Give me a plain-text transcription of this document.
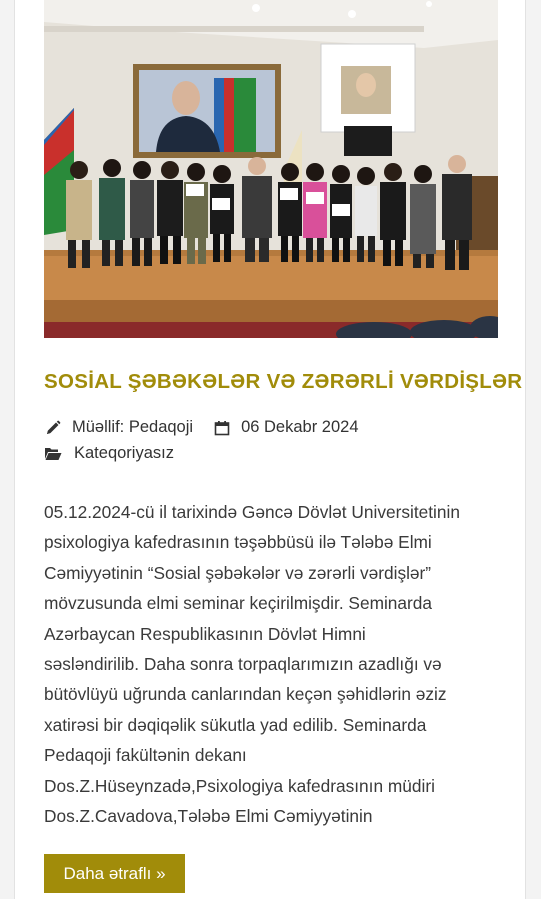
SOSİAL ŞƏBƏKƏLƏR VƏ ZƏRƏRLİ VƏRDİŞLƏR
Müəllif: Pedaqoji	06 Dekabr 2024
Kateqoriyasız

05.12.2024-cü il tarixində Gəncə Dövlət Universitetinin
psixologiya kafedrasının təşəbbüsü ilə Tələbə Elmi
Cəmiyyətinin “Sosial şəbəkələr və zərərli vərdişlər”
mövzusunda elmi seminar keçirilmişdir. Seminarda
Azərbaycan Respublikasının Dövlət Himni
səsləndirilib. Daha sonra torpaqlarımızın azadlığı və
bütövlüyü uğrunda canlarından keçən şəhidlərin əziz
xatirəsi bir dəqiqəlik sükutla yad edilib. Seminarda
Pedaqoji fakültənin dekanı
Dos.Z.Hüseynzadə,Psixologiya kafedrasının müdiri
Dos.Z.Cavadova,Tələbə Elmi Cəmiyyətinin

Daha ətraflı »
